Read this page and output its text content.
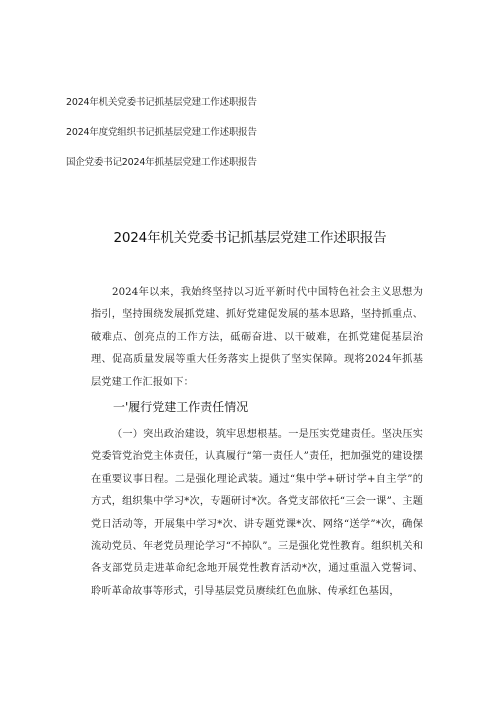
2024年机关党委书记抓基层党建工作述职报告
2024年度党组织书记抓基层党建工作述职报告
国企党委书记2024年抓基层党建工作述职报告
2024年机关党委书记抓基层党建工作述职报告
2024年以来，我始终坚持以习近平新时代中国特色社会主义思想为指引，坚持围绕发展抓党建、抓好党建促发展的基本思路，坚持抓重点、破难点、创亮点的工作方法，砥砺奋进、以干破难，在抓党建促基层治理、促高质量发展等重大任务落实上提供了坚实保障。现将2024年抓基层党建工作汇报如下：
一'履行党建工作责任情况
（一）突出政治建设，筑牢思想根基。一是压实党建责任。坚决压实党委管党治党主体责任，认真履行“第一责任人”责任，把加强党的建设摆在重要议事日程。二是强化理论武装。通过“集中学+研讨学+自主学”的方式，组织集中学习*次，专题研讨*次。各党支部依托“三会一课”、主题党日活动等，开展集中学习*次、讲专题党课*次、网络“送学”*次，确保流动党员、年老党员理论学习“不掉队”。三是强化党性教育。组织机关和各支部党员走进革命纪念地开展党性教育活动*次，通过重温入党誓词、聆听革命故事等形式，引导基层党员赓续红色血脉、传承红色基因，
